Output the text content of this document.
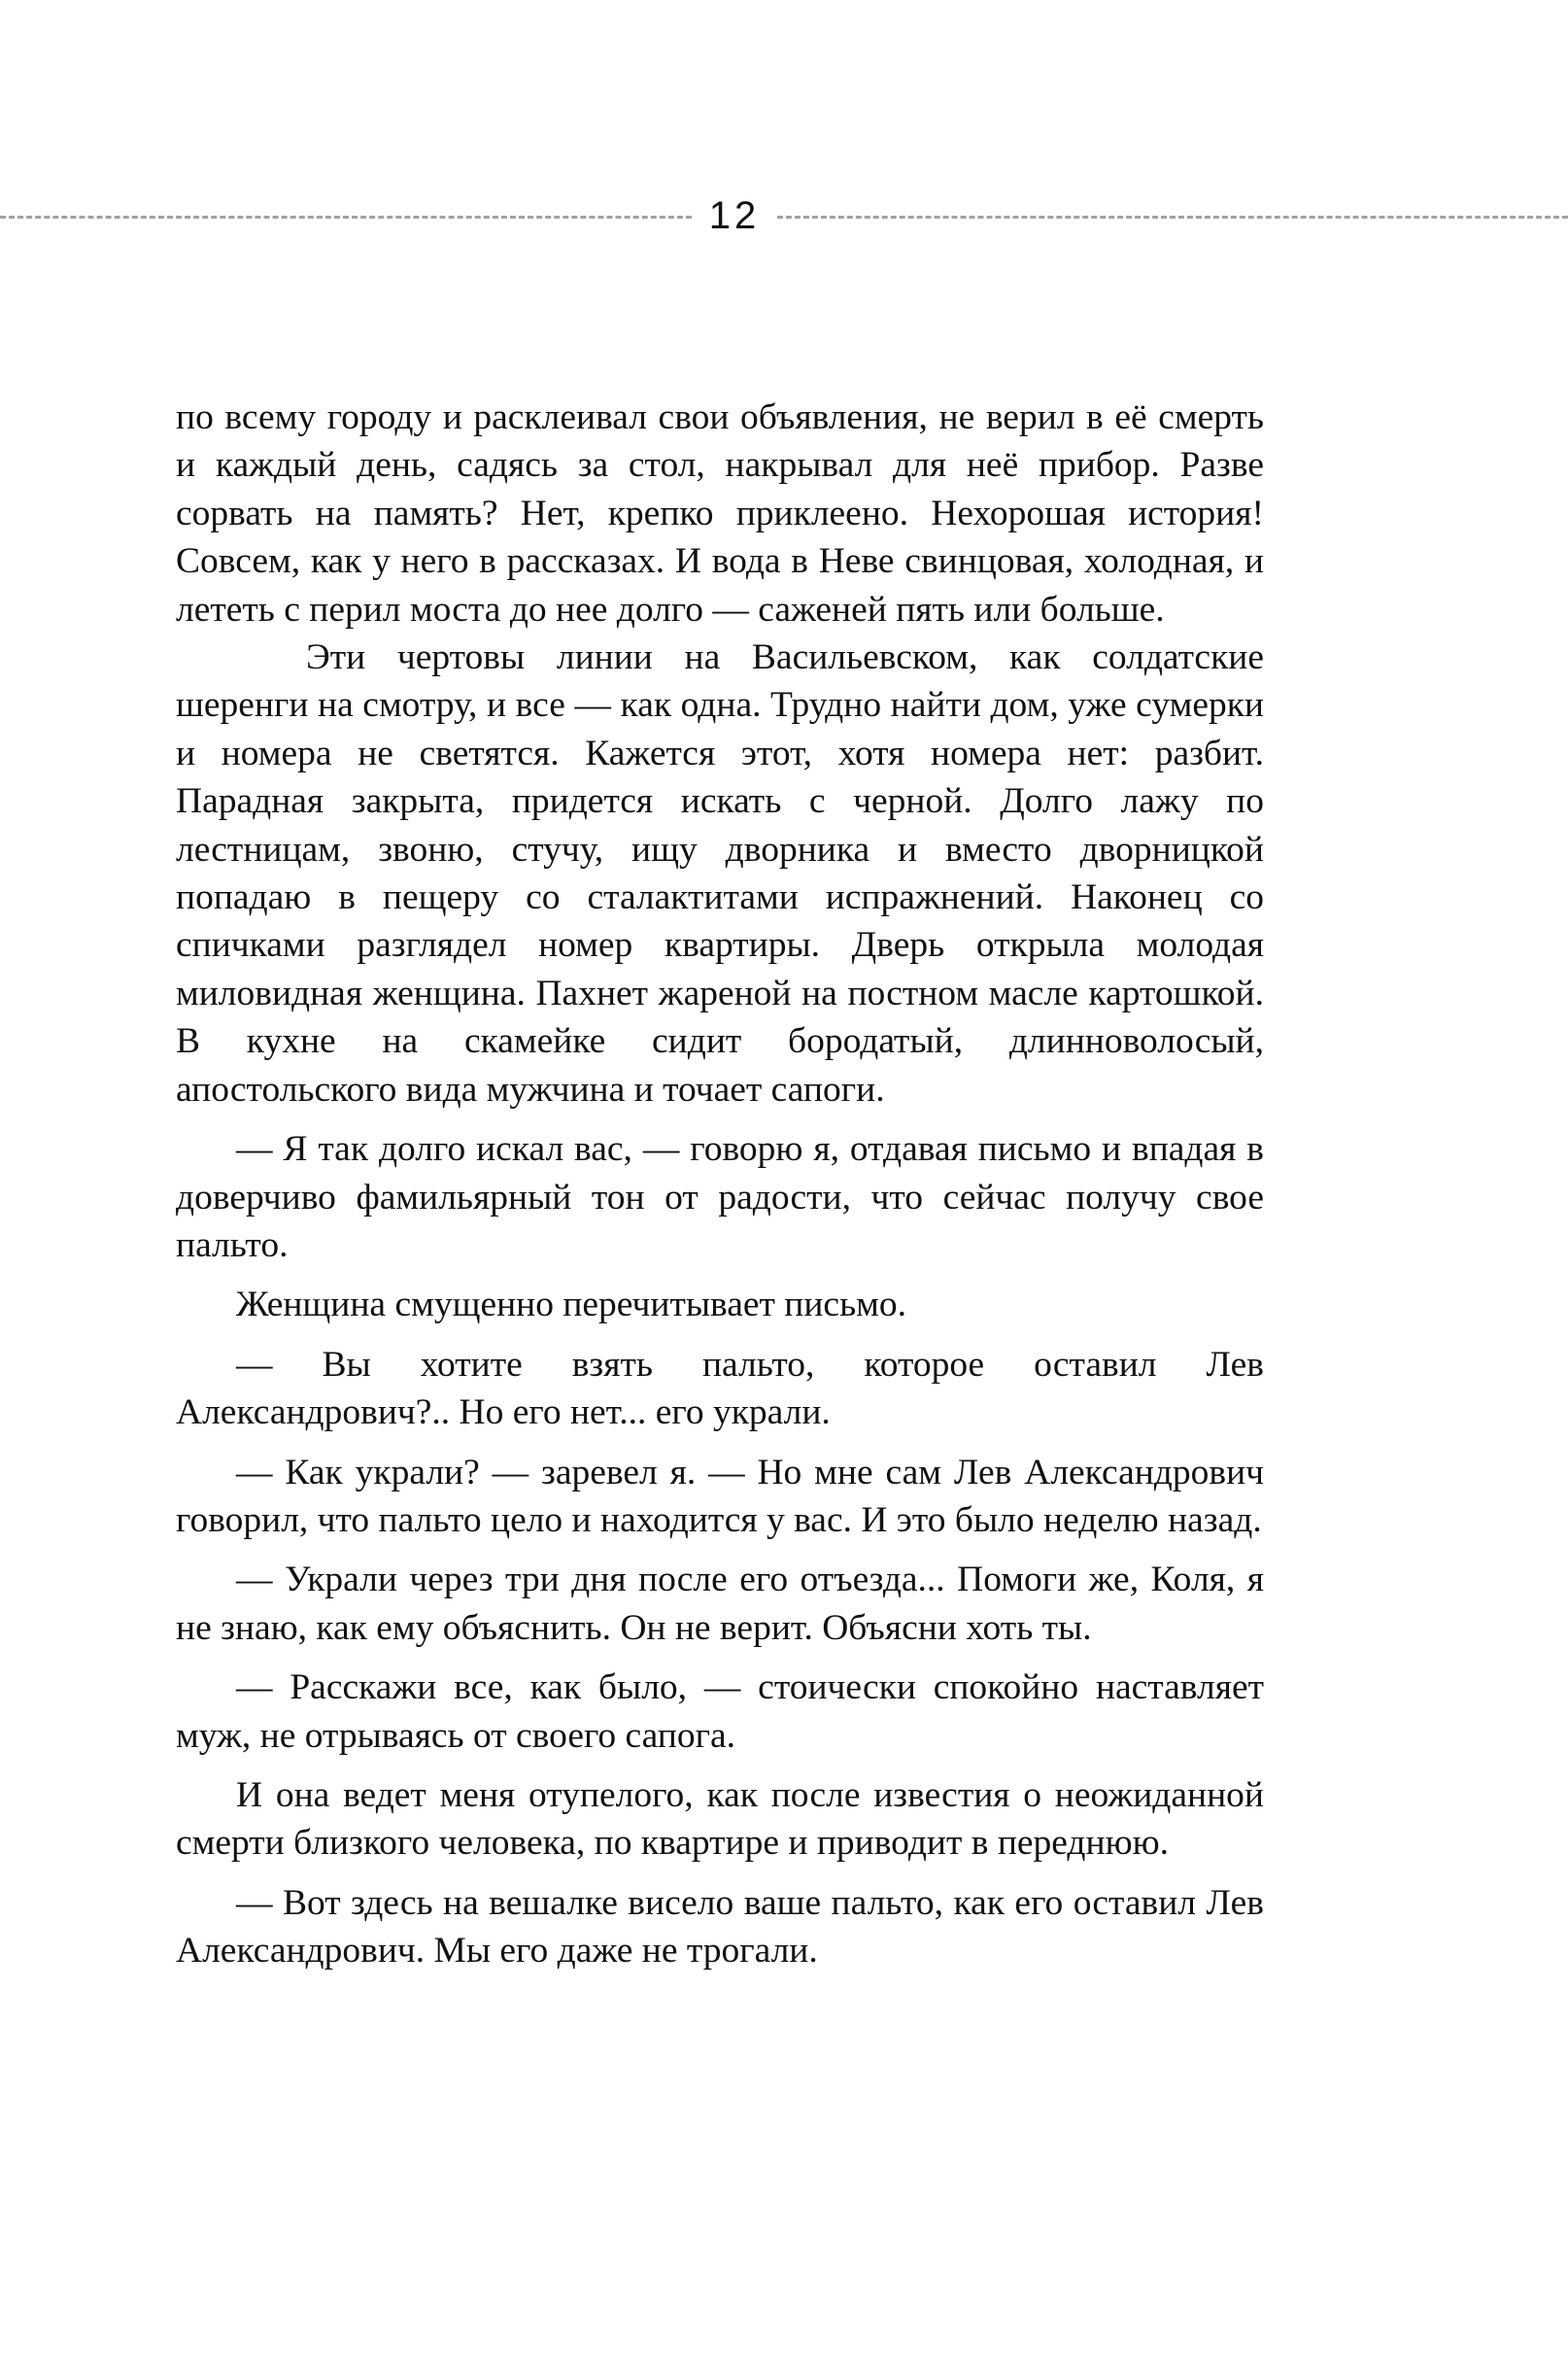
12

по всему городу и расклеивал свои объявления, не верил в её смерть и каждый день, садясь за стол, накрывал для неё прибор. Разве сорвать на память? Нет, крепко приклеено. Нехорошая история! Совсем, как у него в рассказах. И вода в Неве свинцовая, холодная, и лететь с перил моста до нее долго — саженей пять или больше.

Эти чертовы линии на Васильевском, как солдатские шеренги на смотру, и все — как одна. Трудно найти дом, уже сумерки и номера не светятся. Кажется этот, хотя номера нет: разбит. Парадная закрыта, придется искать с черной. Долго лажу по лестницам, звоню, стучу, ищу дворника и вместо дворницкой попадаю в пещеру со сталактитами испражнений. Наконец со спичками разглядел номер квартиры. Дверь открыла молодая миловидная женщина. Пахнет жареной на постном масле картошкой. В кухне на скамейке сидит бородатый, длинноволосый, апостольского вида мужчина и точает сапоги.

— Я так долго искал вас, — говорю я, отдавая письмо и впадая в доверчиво фамильярный тон от радости, что сейчас получу свое пальто.

Женщина смущенно перечитывает письмо.

— Вы хотите взять пальто, которое оставил Лев Александрович?.. Но его нет... его украли.

— Как украли? — заревел я. — Но мне сам Лев Александрович говорил, что пальто цело и находится у вас. И это было неделю назад.

— Украли через три дня после его отъезда... Помоги же, Коля, я не знаю, как ему объяснить. Он не верит. Объясни хоть ты.

— Расскажи все, как было, — стоически спокойно наставляет муж, не отрываясь от своего сапога.

И она ведет меня отупелого, как после известия о неожиданной смерти близкого человека, по квартире и приводит в переднюю.

— Вот здесь на вешалке висело ваше пальто, как его оставил Лев Александрович. Мы его даже не трогали.
